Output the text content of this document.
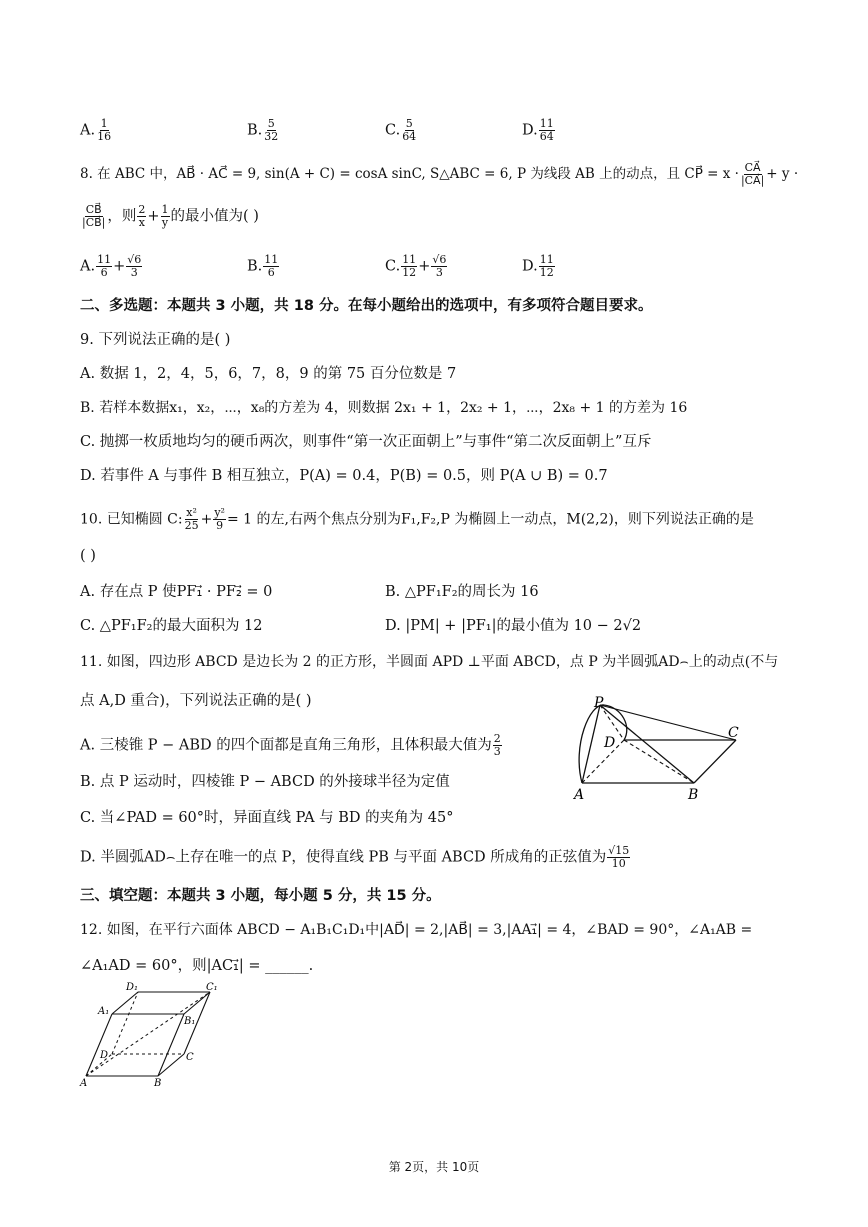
A. $\frac{1}{16}$	B. $\frac{5}{32}$	C. $\frac{5}{64}$	D. $\frac{11}{64}$
8. 在 ABC 中，AB⃗ · AC⃗ = 9, sin(A + C) = cosA sinC, S△ABC = 6, P 为线段 AB 上的动点，且 CP⃗ = $x \cdot \frac{CA⃗}{|CA⃗|} + y$ ·
$\frac{CB⃗}{|CB⃗|}$ ，则 $\frac{2}{x} + \frac{1}{y}$ 的最小值为( )
A. $\frac{11}{6} + \frac{√6}{3}$	B. $\frac{11}{6}$	C. $\frac{11}{12} + \frac{√6}{3}$	D. $\frac{11}{12}$
二、多选题：本题共 3 小题，共 18 分。在每小题给出的选项中，有多项符合题目要求。
9. 下列说法正确的是( )
A. 数据 1，2，4，5，6，7，8，9 的第 75 百分位数是 7
B. 若样本数据x₁，x₂，⋯，x₈的方差为 4，则数据 2x₁ + 1，2x₂ + 1，⋯，2x₈ + 1 的方差为 16
C. 抛掷一枚质地均匀的硬币两次，则事件“第一次正面朝上”与事件“第二次反面朝上”互斥
D. 若事件 A 与事件 B 相互独立，P(A) = 0.4，P(B) = 0.5，则 P(A ∪ B) = 0.7
10. 已知椭圆 C: $\frac{\text{x²}}{25} + \frac{\text{y²}}{9} = 1$ 的左,右两个焦点分别为F₁,F₂,P 为椭圆上一动点，M(2,2)，则下列说法正确的是
( )
A. 存在点 P 使PF₁⃗ · PF₂⃗ = 0	B. △PF₁F₂的周长为 16
C. △PF₁F₂的最大面积为 12	D. |PM| + |PF₁|的最小值为 10 − 2√2
11. 如图，四边形 ABCD 是边长为 2 的正方形，半圆面 APD ⊥平面 ABCD，点 P 为半圆弧AD⌢上的动点(不与
点 A,D 重合)，下列说法正确的是( )
A. 三棱锥 P − ABD 的四个面都是直角三角形，且体积最大值为 $\frac{2}{3}$
B. 点 P 运动时，四棱锥 P − ABCD 的外接球半径为定值
C. 当∠PAD = 60°时，异面直线 PA 与 BD 的夹角为 45°
D. 半圆弧AD⌢上存在唯一的点 P，使得直线 PB 与平面 ABCD 所成角的正弦值为 $\frac{√15}{10}$
P
D
C
A	B
三、填空题：本题共 3 小题，每小题 5 分，共 15 分。
12. 如图，在平行六面体 ABCD − A₁B₁C₁D₁中|AD⃗| = 2,|AB⃗| = 3,|AA₁⃗| = 4，∠BAD = 90°，∠A₁AB =
∠A₁AD = 60°，则|AC₁⃗| = ______.
D₁	C₁
A₁
B₁
D	C
A	B
第 2页，共 10页
